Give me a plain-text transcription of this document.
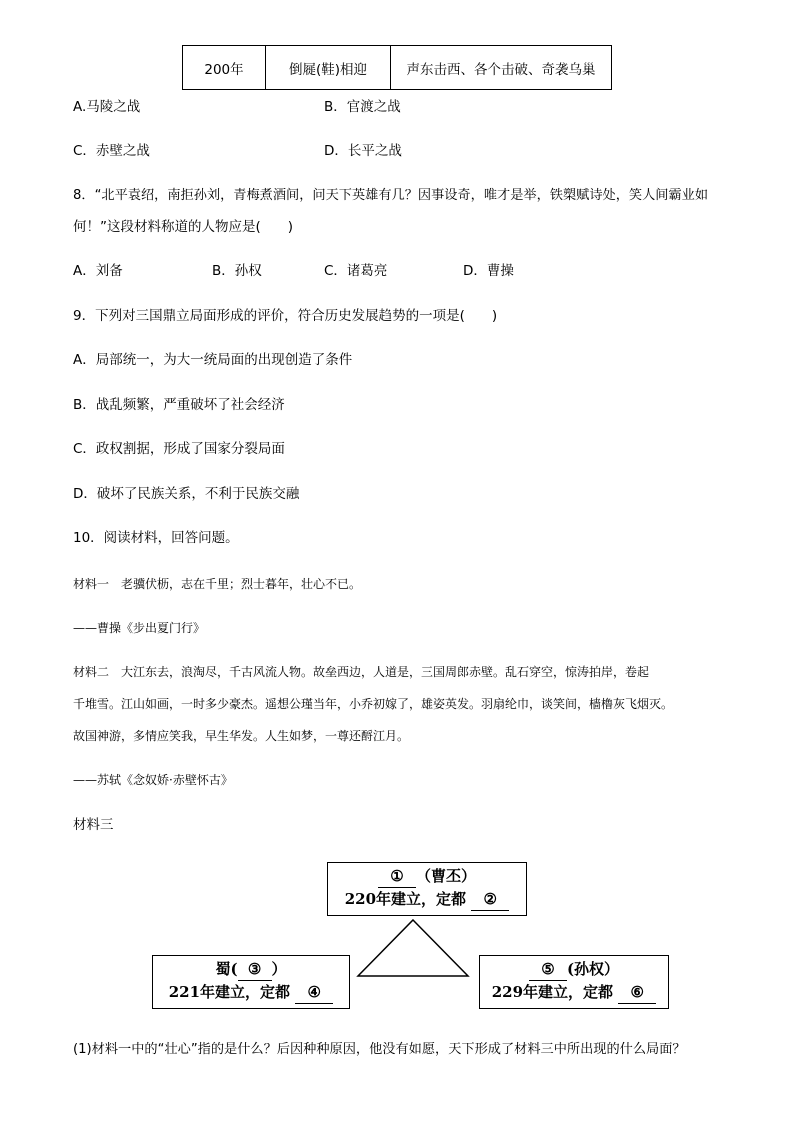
200年	倒屣(鞋)相迎	声东击西、各个击破、奇袭乌巢
A.马陵之战	B．官渡之战
C．赤壁之战	D．长平之战
8．“北平袁绍，南拒孙刘，青梅煮酒间，问天下英雄有几？因事设奇，唯才是举，铁槊赋诗处，笑人间霸业如
何！”这段材料称道的人物应是(　　)
A．刘备	B．孙权	C．诸葛亮	D．曹操
9．下列对三国鼎立局面形成的评价，符合历史发展趋势的一项是(　　)
A．局部统一，为大一统局面的出现创造了条件
B．战乱频繁，严重破坏了社会经济
C．政权割据，形成了国家分裂局面
D．破坏了民族关系，不利于民族交融
10．阅读材料，回答问题。
材料一　老骥伏枥，志在千里；烈士暮年，壮心不已。
——曹操《步出夏门行》
材料二　大江东去，浪淘尽，千古风流人物。故垒西边，人道是，三国周郎赤壁。乱石穿空，惊涛拍岸，卷起
千堆雪。江山如画，一时多少豪杰。遥想公瑾当年，小乔初嫁了，雄姿英发。羽扇纶巾，谈笑间，樯橹灰飞烟灭。
故国神游，多情应笑我，早生华发。人生如梦，一尊还酹江月。
——苏轼《念奴娇·赤壁怀古》
材料三
① （曹丕）
220年建立，定都 ②
蜀( ③ ）
221年建立，定都 ④
⑤ (孙权）
229年建立，定都 ⑥
(1)材料一中的“壮心”指的是什么？后因种种原因，他没有如愿，天下形成了材料三中所出现的什么局面？
